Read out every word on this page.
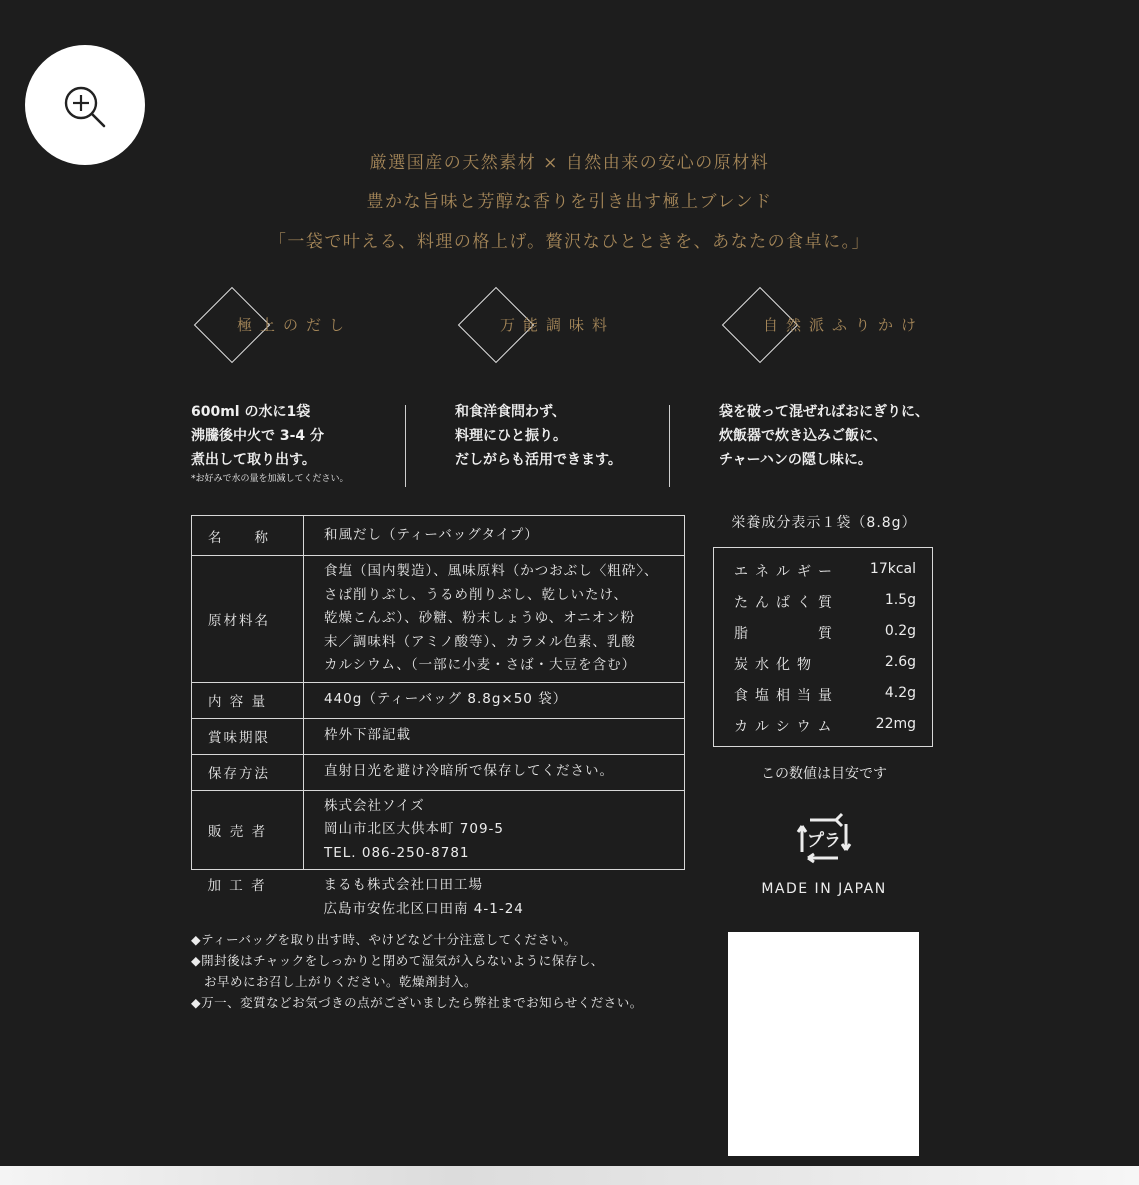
厳選国産の天然素材 × 自然由来の安心の原材料
豊かな旨味と芳醇な香りを引き出す極上ブレンド
「一袋で叶える、料理の格上げ。贅沢なひとときを、あなたの食卓に。」
極上のだし	万能調味料	自然派ふりかけ
600ml の水に1袋
沸騰後中火で 3-4 分
煮出して取り出す。
*お好みで水の量を加減してください。
和食洋食問わず、
料理にひと振り。
だしがらも活用できます。
袋を破って混ぜればおにぎりに、
炊飯器で炊き込みご飯に、
チャーハンの隠し味に。
名　　称	和風だし（ティーバッグタイプ）

原材料名	食塩（国内製造）、風味原料（かつおぶし〈粗砕〉、
さば削りぶし、うるめ削りぶし、乾しいたけ、
乾燥こんぶ）、砂糖、粉末しょうゆ、オニオン粉
末／調味料（アミノ酸等）、カラメル色素、乳酸
カルシウム、（一部に小麦・さば・大豆を含む）

内 容 量	440g（ティーバッグ 8.8g×50 袋）

賞味期限	枠外下部記載

保存方法	直射日光を避け冷暗所で保存してください。

販 売 者	株式会社ソイズ
岡山市北区大供本町 709-5
TEL. 086-250-8781

加 工 者	まるも株式会社口田工場
広島市安佐北区口田南 4-1-24
栄養成分表示１袋（8.8g）
エネルギー 17kcal
たんぱく質	1.5g
脂　　　質	0.2g
炭水化物	2.6g
食塩相当量	4.2g
カルシウム	22mg
この数値は目安です
プラ
MADE IN JAPAN
◆ティーバッグを取り出す時、やけどなど十分注意してください。
◆開封後はチャックをしっかりと閉めて湿気が入らないように保存し、
　お早めにお召し上がりください。乾燥剤封入。
◆万一、変質などお気づきの点がございましたら弊社までお知らせください。
